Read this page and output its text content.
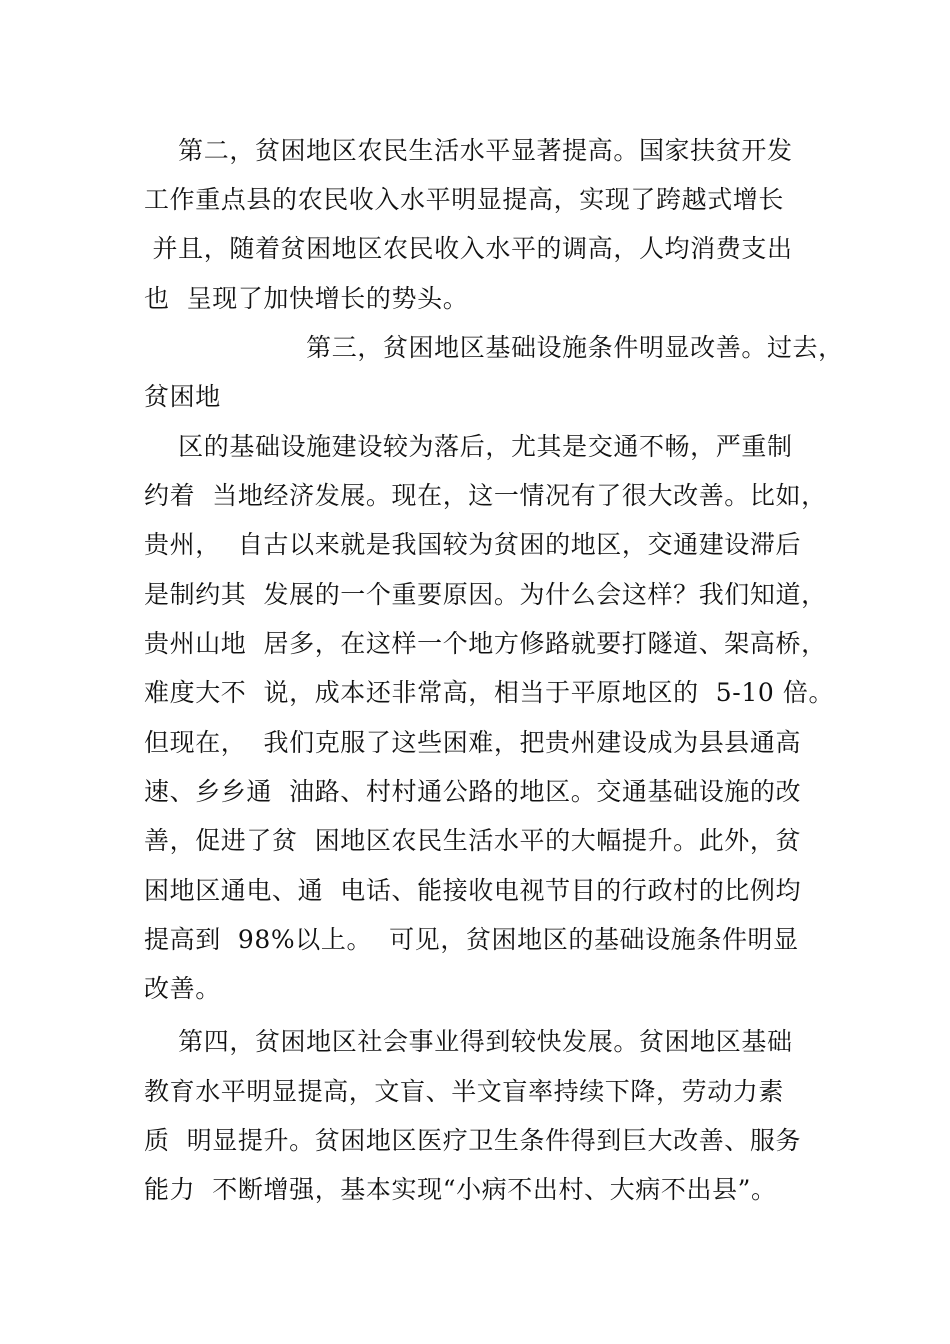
　 第二，贫困地区农民生活水平显著提高。国家扶贫开发
工作重点县的农民收入水平明显提高，实现了跨越式增长
并且，随着贫困地区农民收入水平的调高，人均消费支出
也  呈现了加快增长的势头。
　　　　　　 第三，贫困地区基础设施条件明显改善。过去，
贫困地
　 区的基础设施建设较为落后，尤其是交通不畅，严重制
约着  当地经济发展。现在，这一情况有了很大改善。比如，
贵州，  自古以来就是我国较为贫困的地区，交通建设滞后
是制约其  发展的一个重要原因。为什么会这样？我们知道，
贵州山地  居多，在这样一个地方修路就要打隧道、架高桥，
难度大不  说，成本还非常高，相当于平原地区的  5-10 倍。
但现在，  我们克服了这些困难，把贵州建设成为县县通高
速、乡乡通  油路、村村通公路的地区。交通基础设施的改
善，促进了贫  困地区农民生活水平的大幅提升。此外，贫
困地区通电、通  电话、能接收电视节目的行政村的比例均
提高到  98%以上。  可见，贫困地区的基础设施条件明显
改善。
　 第四，贫困地区社会事业得到较快发展。贫困地区基础
教育水平明显提高，文盲、半文盲率持续下降，劳动力素
质  明显提升。贫困地区医疗卫生条件得到巨大改善、服务
能力  不断增强，基本实现“小病不出村、大病不出县”。
